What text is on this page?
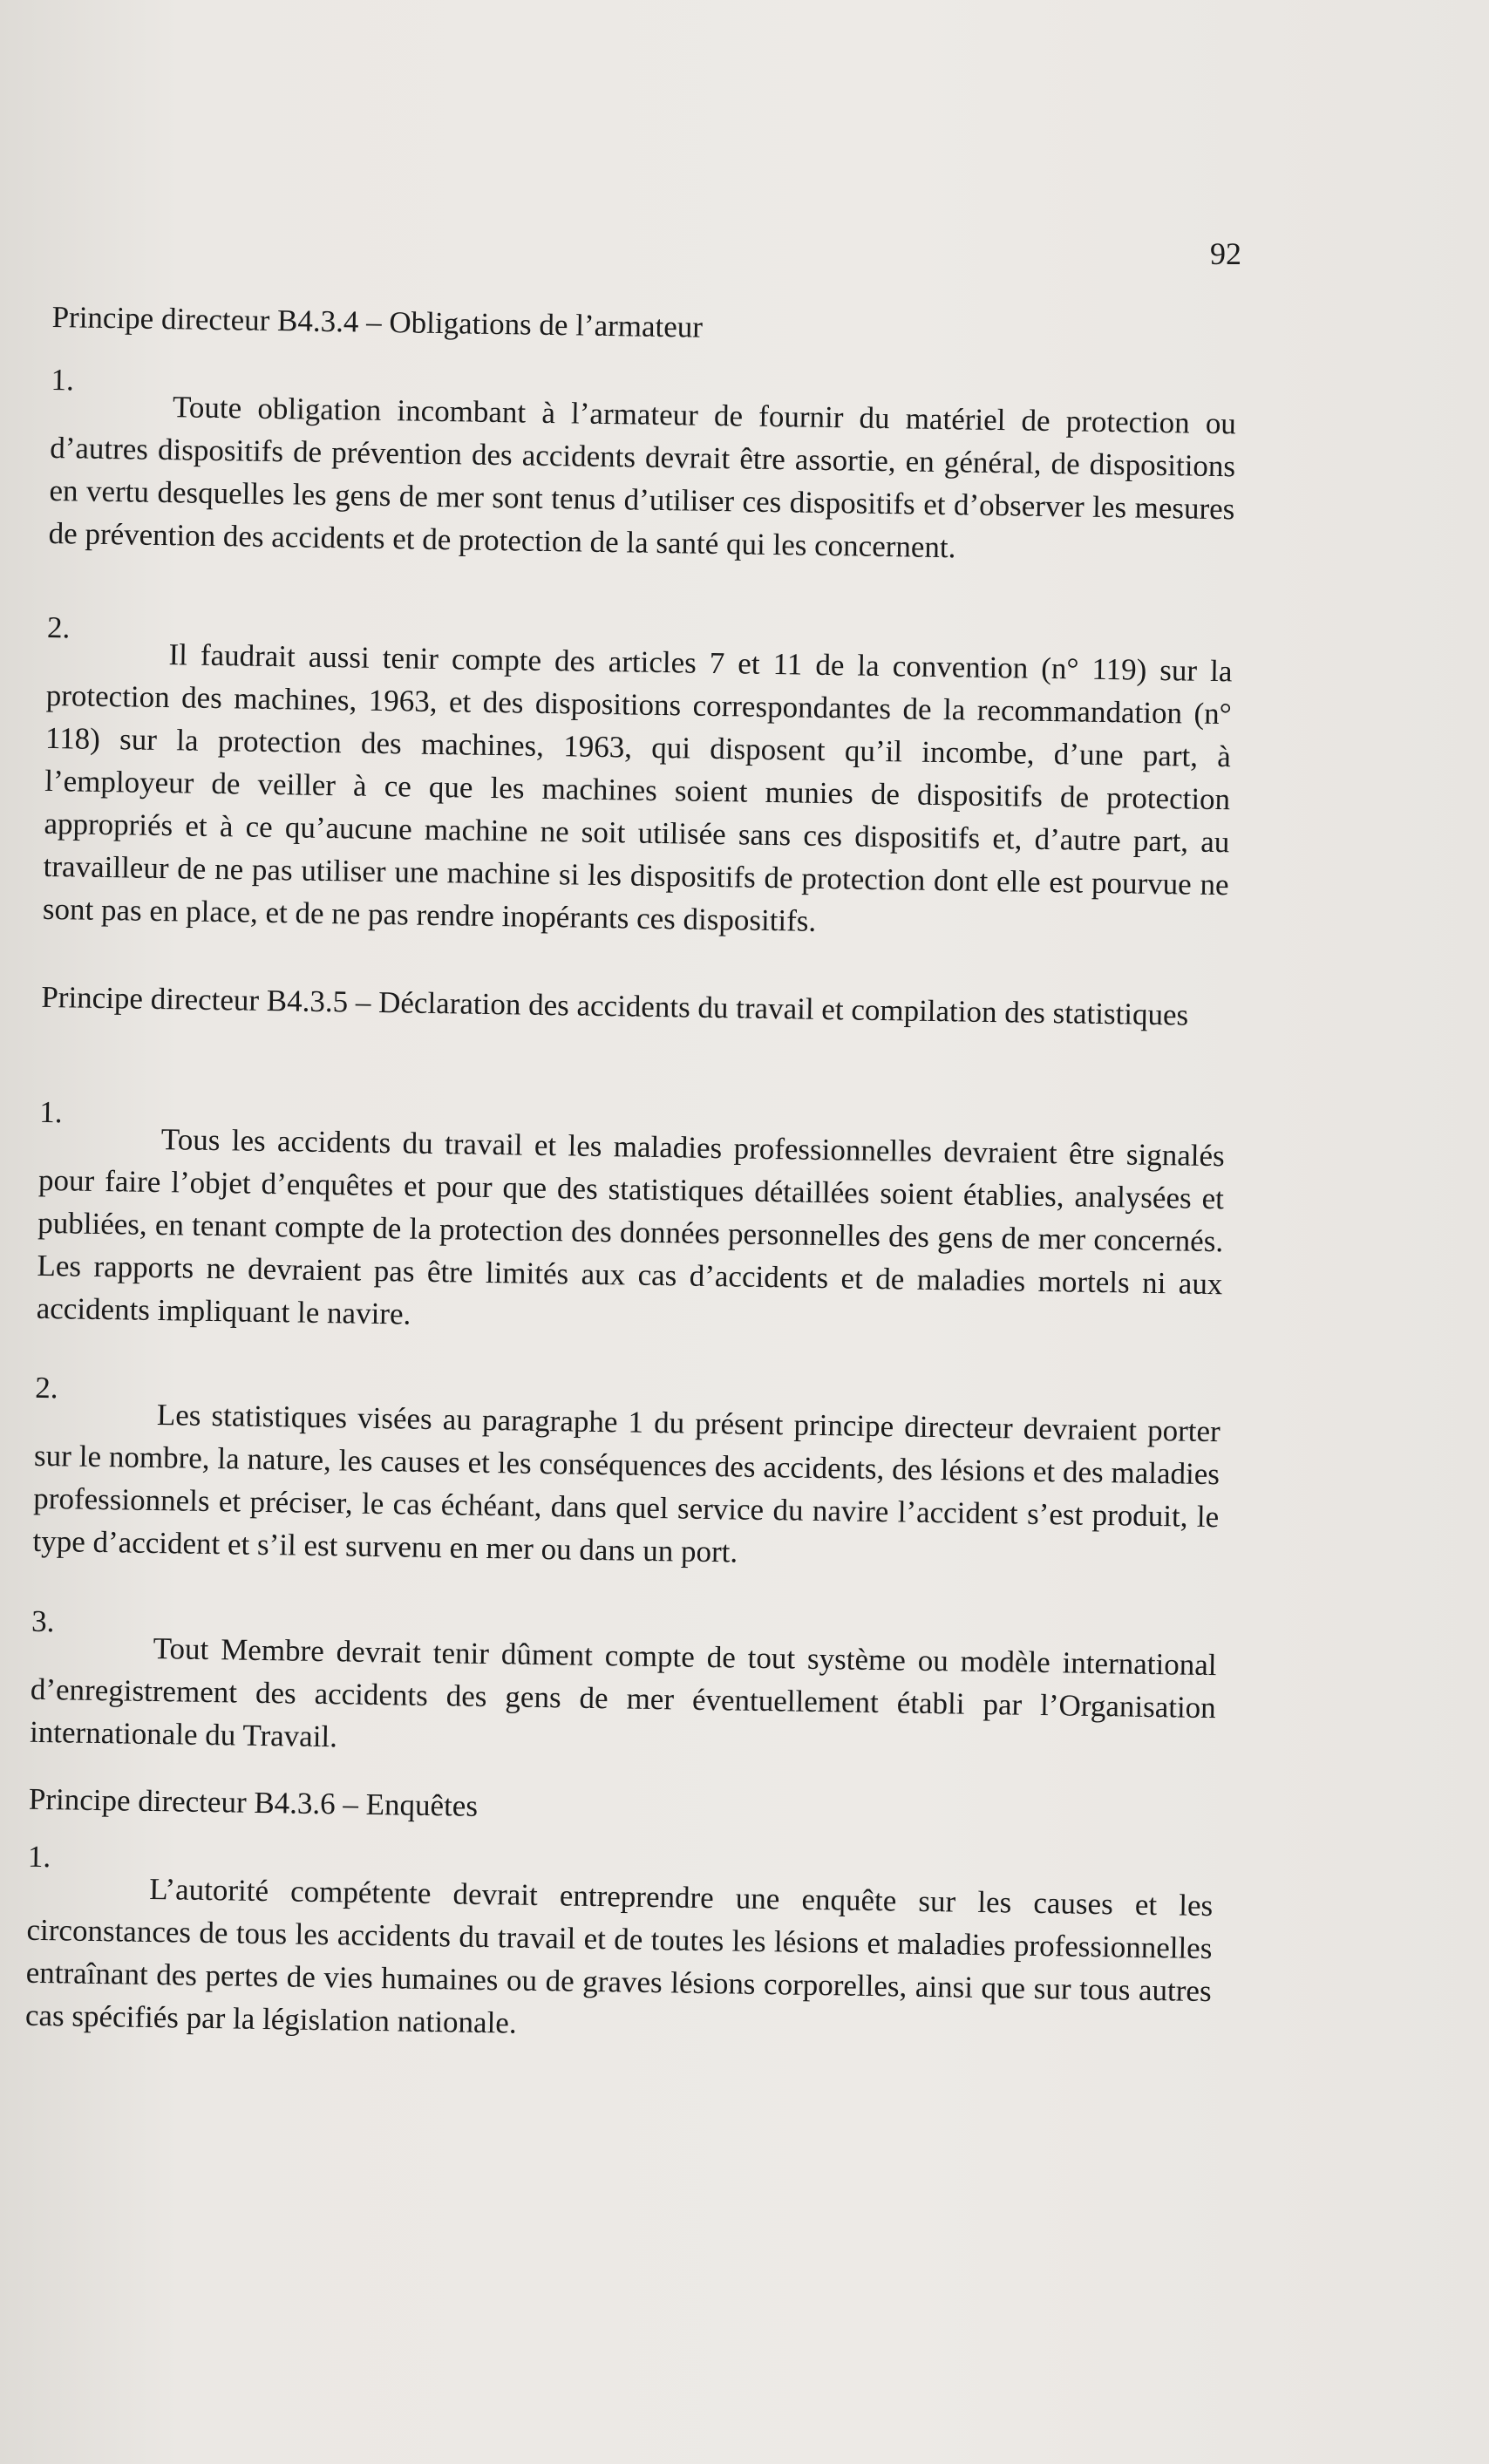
92
Principe directeur B4.3.4 – Obligations de l’armateur
1.
Toute obligation incombant à l’armateur de fournir du matériel de protection ou d’autres dispositifs de prévention des accidents devrait être assortie, en général, de dispositions en vertu desquelles les gens de mer sont tenus d’utiliser ces dispositifs et d’observer les mesures de prévention des accidents et de protection de la santé qui les concernent.
2.
Il faudrait aussi tenir compte des articles 7 et 11 de la convention (n° 119) sur la protection des machines, 1963, et des dispositions correspondantes de la recommandation (n° 118) sur la protection des machines, 1963, qui disposent qu’il incombe, d’une part, à l’employeur de veiller à ce que les machines soient munies de dispositifs de protection appropriés et à ce qu’aucune machine ne soit utilisée sans ces dispositifs et, d’autre part, au travailleur de ne pas utiliser une machine si les dispositifs de protection dont elle est pourvue ne sont pas en place, et de ne pas rendre inopérants ces dispositifs.
Principe directeur B4.3.5 – Déclaration des accidents du travail et compilation des statistiques
1.
Tous les accidents du travail et les maladies professionnelles devraient être signalés pour faire l’objet d’enquêtes et pour que des statistiques détaillées soient établies, analysées et publiées, en tenant compte de la protection des données personnelles des gens de mer concernés. Les rapports ne devraient pas être limités aux cas d’accidents et de maladies mortels ni aux accidents impliquant le navire.
2.
Les statistiques visées au paragraphe 1 du présent principe directeur devraient porter sur le nombre, la nature, les causes et les conséquences des accidents, des lésions et des maladies professionnels et préciser, le cas échéant, dans quel service du navire l’accident s’est produit, le type d’accident et s’il est survenu en mer ou dans un port.
3.
Tout Membre devrait tenir dûment compte de tout système ou modèle international d’enregistrement des accidents des gens de mer éventuellement établi par l’Organisation internationale du Travail.
Principe directeur B4.3.6 – Enquêtes
1.
L’autorité compétente devrait entreprendre une enquête sur les causes et les circonstances de tous les accidents du travail et de toutes les lésions et maladies professionnelles entraînant des pertes de vies humaines ou de graves lésions corporelles, ainsi que sur tous autres cas spécifiés par la législation nationale.
